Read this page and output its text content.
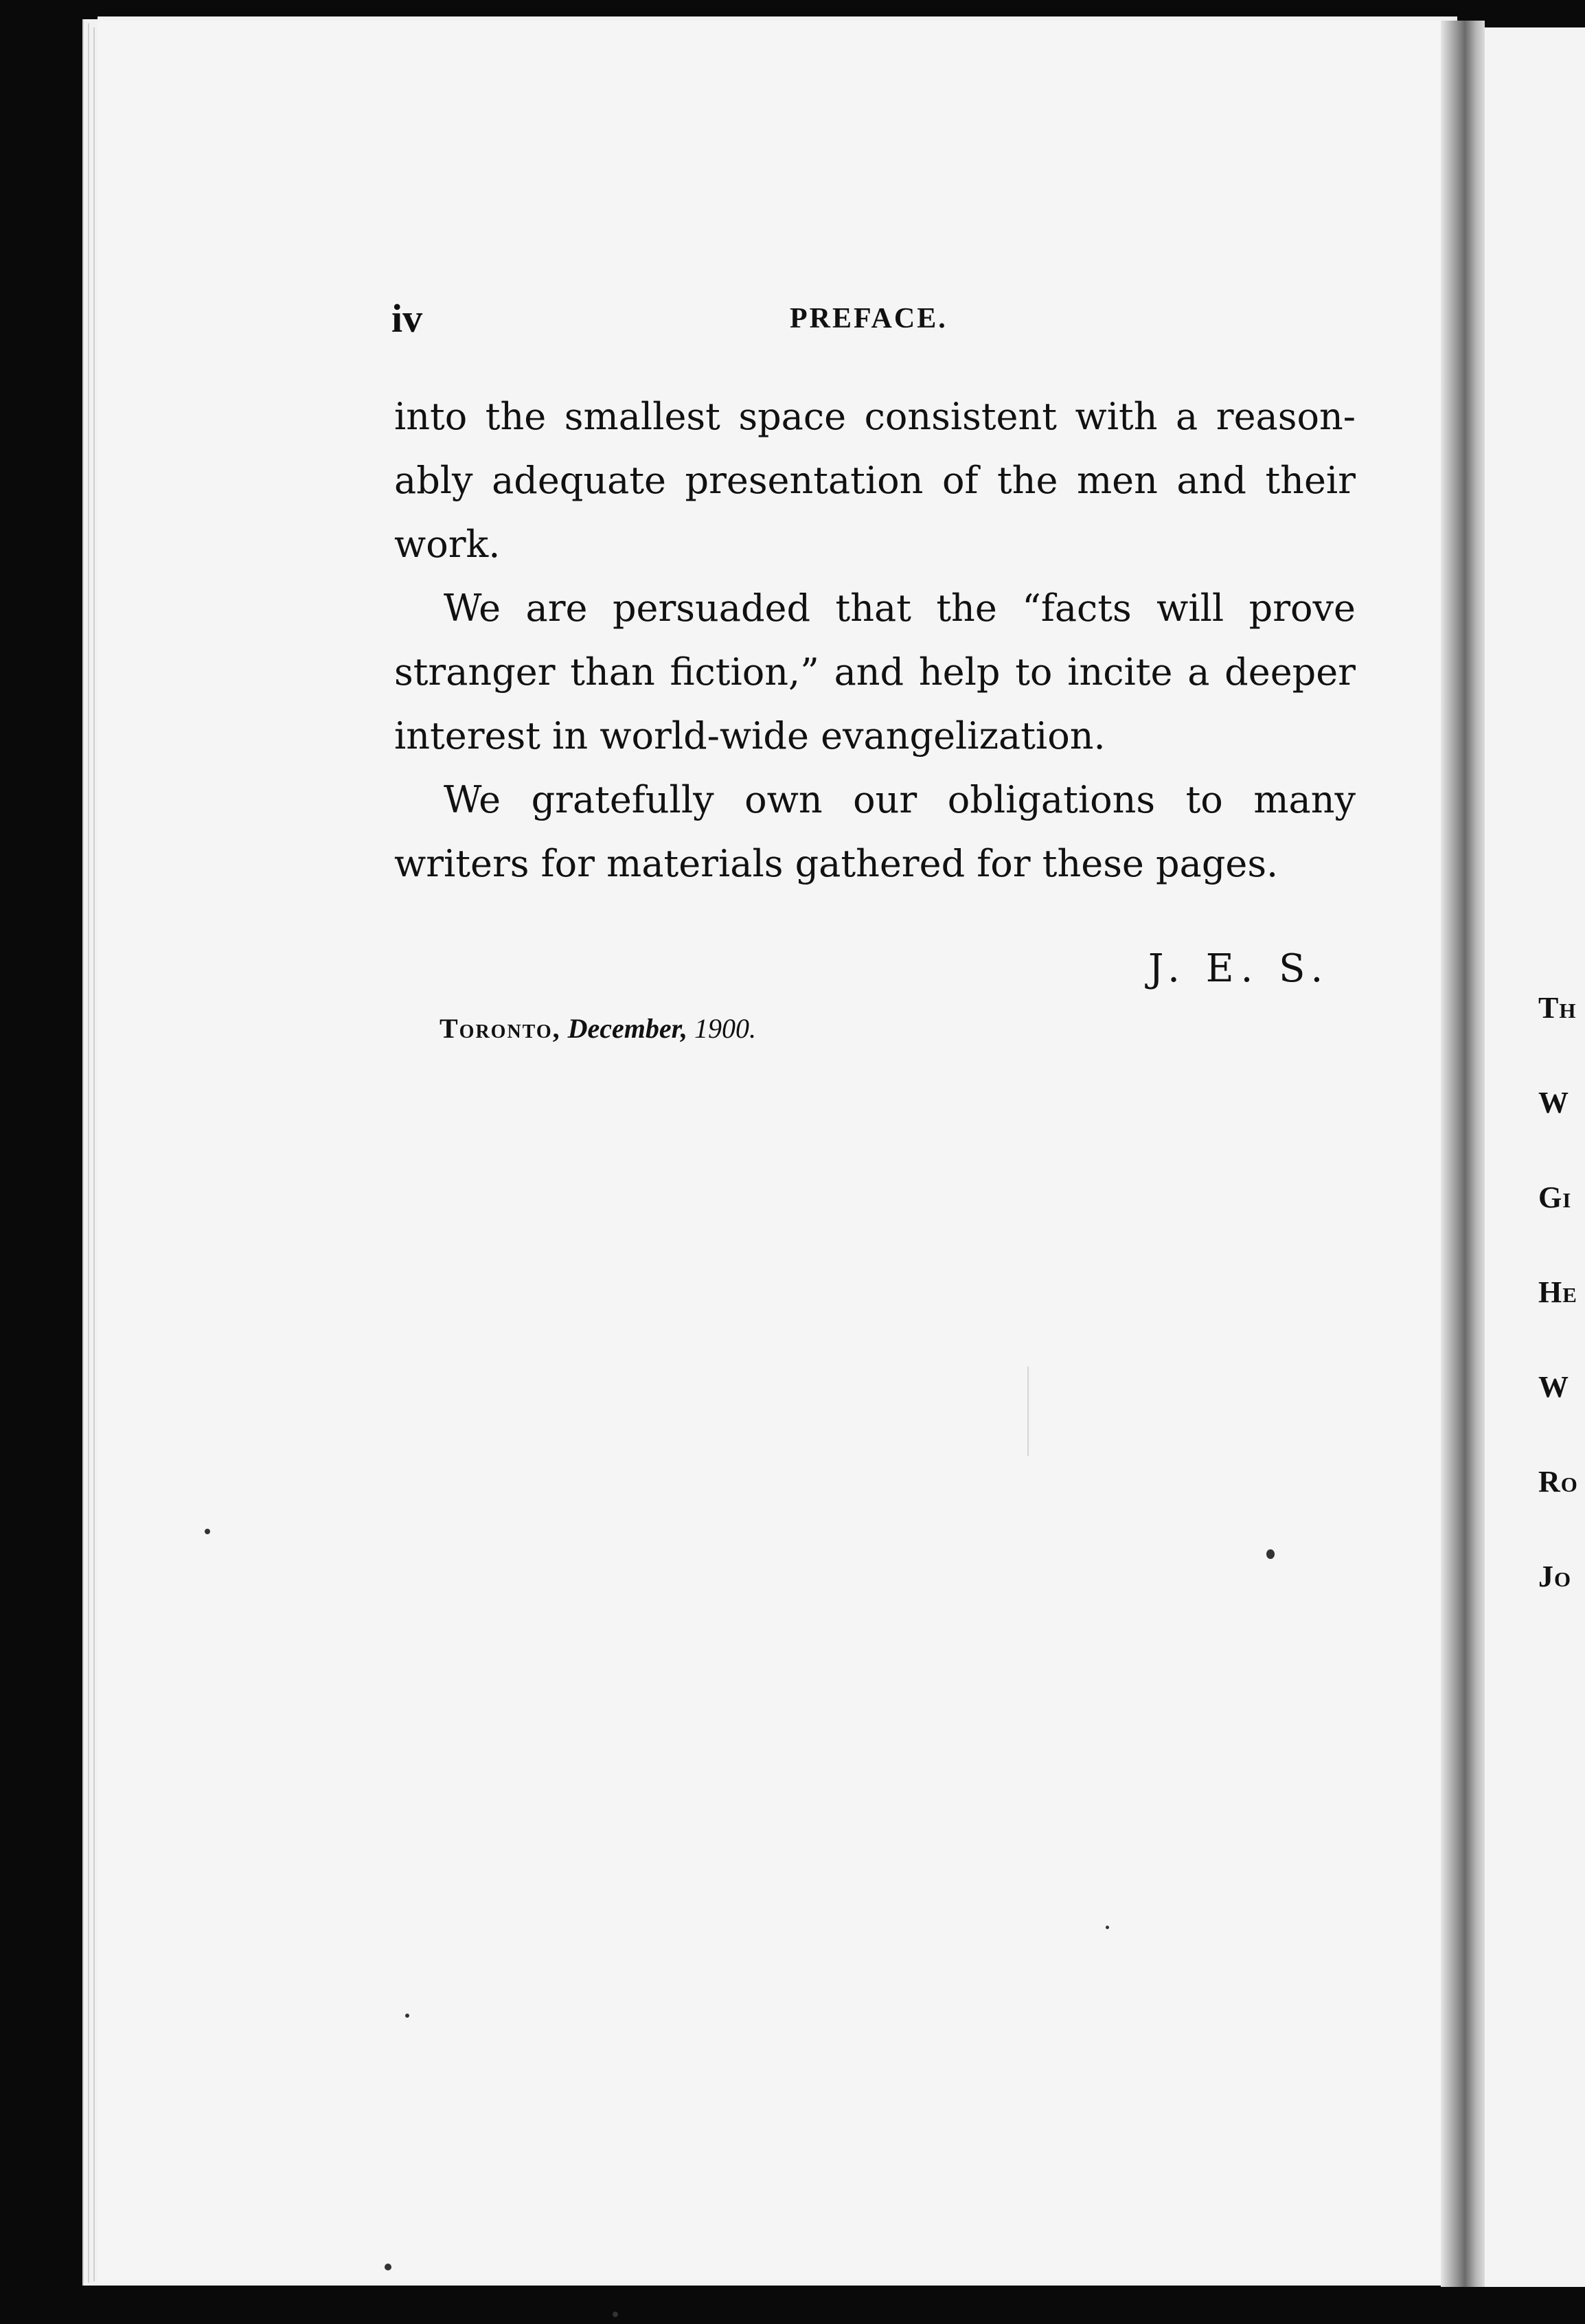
Th
W
Gi
He
W
Ro
Jo
iv	PREFACE.

into the smallest space consistent with a reasonably adequate presentation of the men and their work.

We are persuaded that the “facts will prove stranger than fiction,” and help to incite a deeper interest in world-wide evangelization.

We gratefully own our obligations to many writers for materials gathered for these pages.

J. E. S.
Toronto, December, 1900.
